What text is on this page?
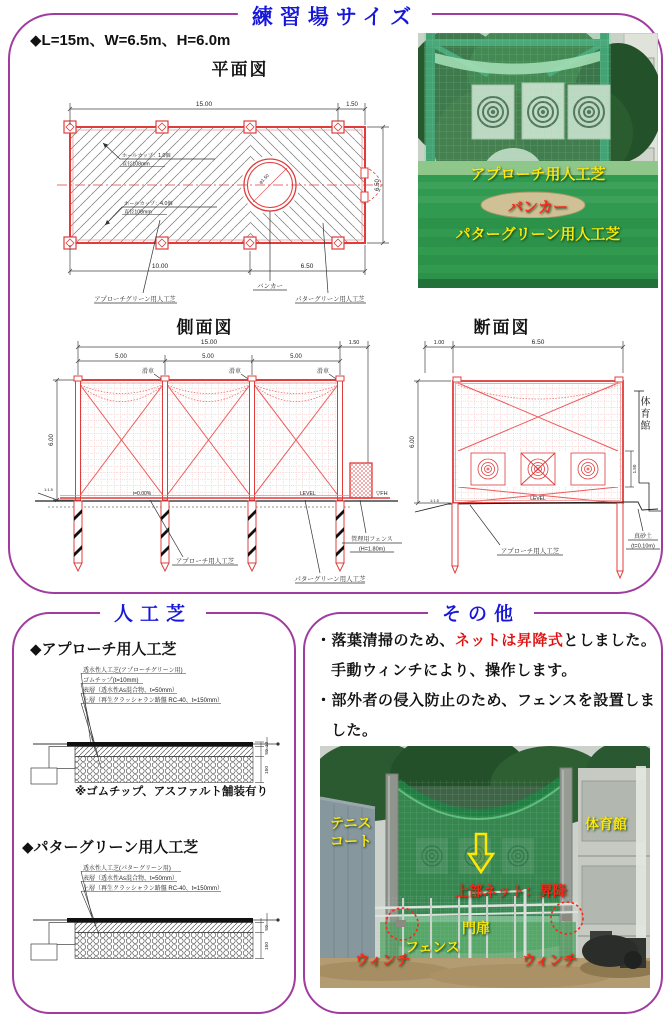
練習場サイズ
◆L=15m、W=6.5m、H=6.0m
平面図
φ1.50
15.00	1.50
10.00	6.50
6.50
ホールカップ：1.0個
直径108mm
ホールカップ：4.0個
直径108mm
バンカー
アプローチグリーン用人工芝	パターグリーン用人工芝
アプローチ用人工芝
バンカー
パターグリーン用人工芝
側面図
15.00	1.50
5.00	5.00	5.00
6.00
滑車	滑車	滑車
1:1.5
i=0.00%	LEVEL	▽FH
アプローチ用人工芝
パターグリーン用人工芝
管理用フェンス
(H=1.80m)
断面図
1.00	6.50
6.00
1.50
LEVEL
1:1.5
アプローチ用人工芝
真砂土
(t=0.10m)
体育館
人工芝
◆アプローチ用人工芝
透水性人工芝(アプローチグリーン用)
ゴムチップ(t=10mm)
表層（透水性As混合物、t=50mm）
上層（再生クラッシャラン路盤 RC-40、t=150mm）
10
50
150
※ゴムチップ、アスファルト舗装有り
◆パターグリーン用人工芝
透水性人工芝(パターグリーン用)
表層（透水性As混合物、t=50mm）
上層（再生クラッシャラン路盤 RC-40、t=150mm）
50
150
その他
・落葉清掃のため、ネットは昇降式としました。
手動ウィンチにより、操作します。
・部外者の侵入防止のため、フェンスを設置しま
した。
テニス
コート
体育館
上部ネット：昇降
門扉
フェンス
ウィンチ	ウィンチ
